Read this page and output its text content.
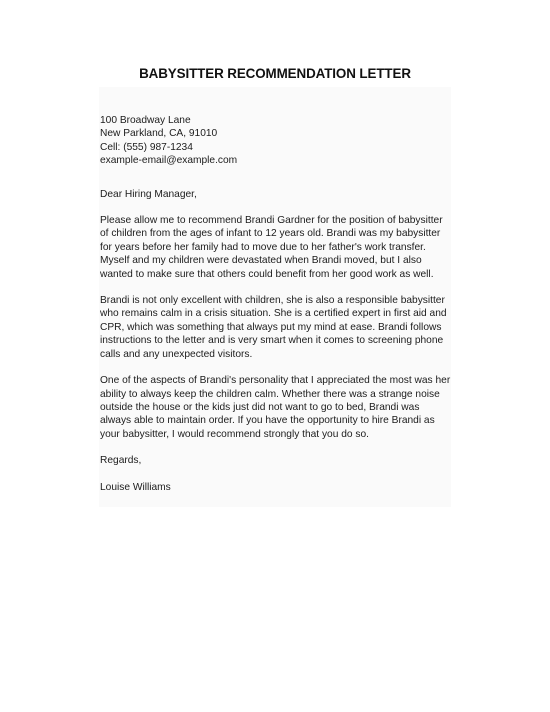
BABYSITTER RECOMMENDATION LETTER

100 Broadway Lane

New Parkland, CA, 91010

Cell: (555) 987-1234

example-email@example.com

Dear Hiring Manager,

Please allow me to recommend Brandi Gardner for the position of babysitter of children from the ages of infant to 12 years old. Brandi was my babysitter for years before her family had to move due to her father's work transfer. Myself and my children were devastated when Brandi moved, but I also wanted to make sure that others could benefit from her good work as well.

Brandi is not only excellent with children, she is also a responsible babysitter who remains calm in a crisis situation. She is a certified expert in first aid and CPR, which was something that always put my mind at ease. Brandi follows instructions to the letter and is very smart when it comes to screening phone calls and any unexpected visitors.

One of the aspects of Brandi's personality that I appreciated the most was her ability to always keep the children calm. Whether there was a strange noise outside the house or the kids just did not want to go to bed, Brandi was always able to maintain order. If you have the opportunity to hire Brandi as your babysitter, I would recommend strongly that you do so.

Regards,

Louise Williams
